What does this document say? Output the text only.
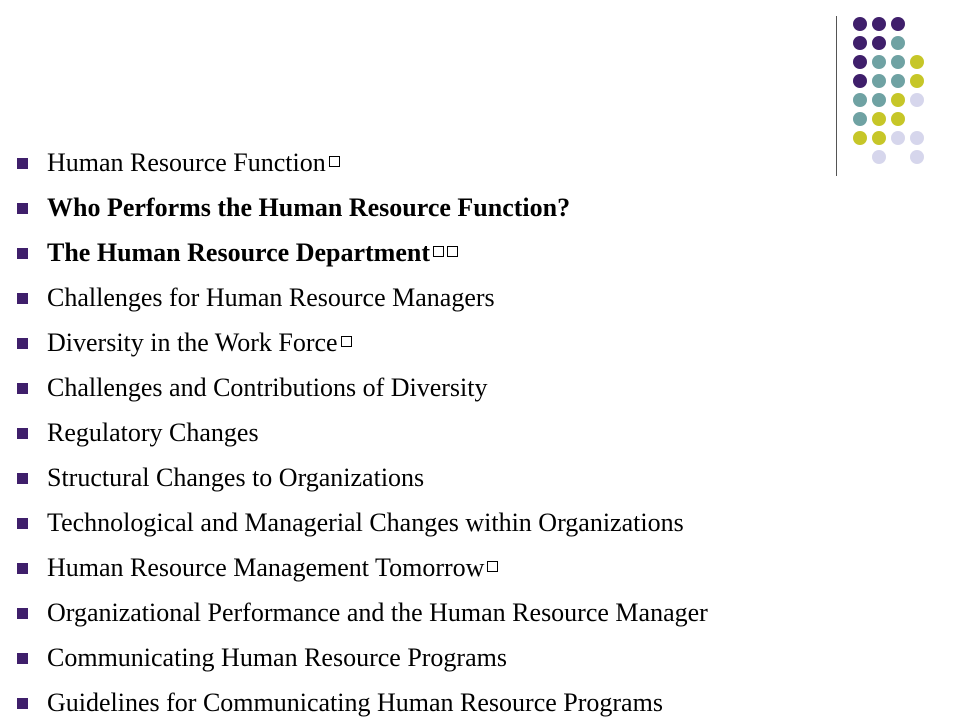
Human Resource Function
Who Performs the Human Resource Function?
The Human Resource Department
Challenges for Human Resource Managers
Diversity in the Work Force
Challenges and Contributions of Diversity
Regulatory Changes
Structural Changes to Organizations
Technological and Managerial Changes within Organizations
Human Resource Management Tomorrow
Organizational Performance and the Human Resource Manager
Communicating Human Resource Programs
Guidelines for Communicating Human Resource Programs
